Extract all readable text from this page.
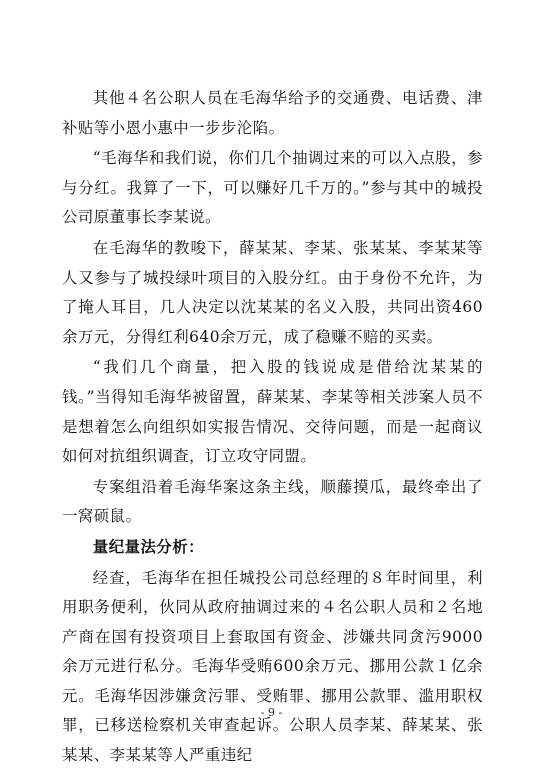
其他４名公职人员在毛海华给予的交通费、电话费、津补贴等小恩小惠中一步步沦陷。

“毛海华和我们说，你们几个抽调过来的可以入点股，参与分红。我算了一下，可以赚好几千万的。”参与其中的城投公司原董事长李某说。

在毛海华的教唆下，薛某某、李某、张某某、李某某等人又参与了城投绿叶项目的入股分红。由于身份不允许，为了掩人耳目，几人决定以沈某某的名义入股，共同出资460余万元，分得红利640余万元，成了稳赚不赔的买卖。

“我们几个商量，把入股的钱说成是借给沈某某的钱。”当得知毛海华被留置，薛某某、李某等相关涉案人员不是想着怎么向组织如实报告情况、交待问题，而是一起商议如何对抗组织调查，订立攻守同盟。

专案组沿着毛海华案这条主线，顺藤摸瓜，最终牵出了一窝硕鼠。

量纪量法分析：

经查，毛海华在担任城投公司总经理的８年时间里，利用职务便利，伙同从政府抽调过来的４名公职人员和２名地产商在国有投资项目上套取国有资金、涉嫌共同贪污9000余万元进行私分。毛海华受贿600余万元、挪用公款１亿余元。毛海华因涉嫌贪污罪、受贿罪、挪用公款罪、滥用职权罪，已移送检察机关审查起诉。公职人员李某、薛某某、张某某、李某某等人严重违纪

- 9 -
